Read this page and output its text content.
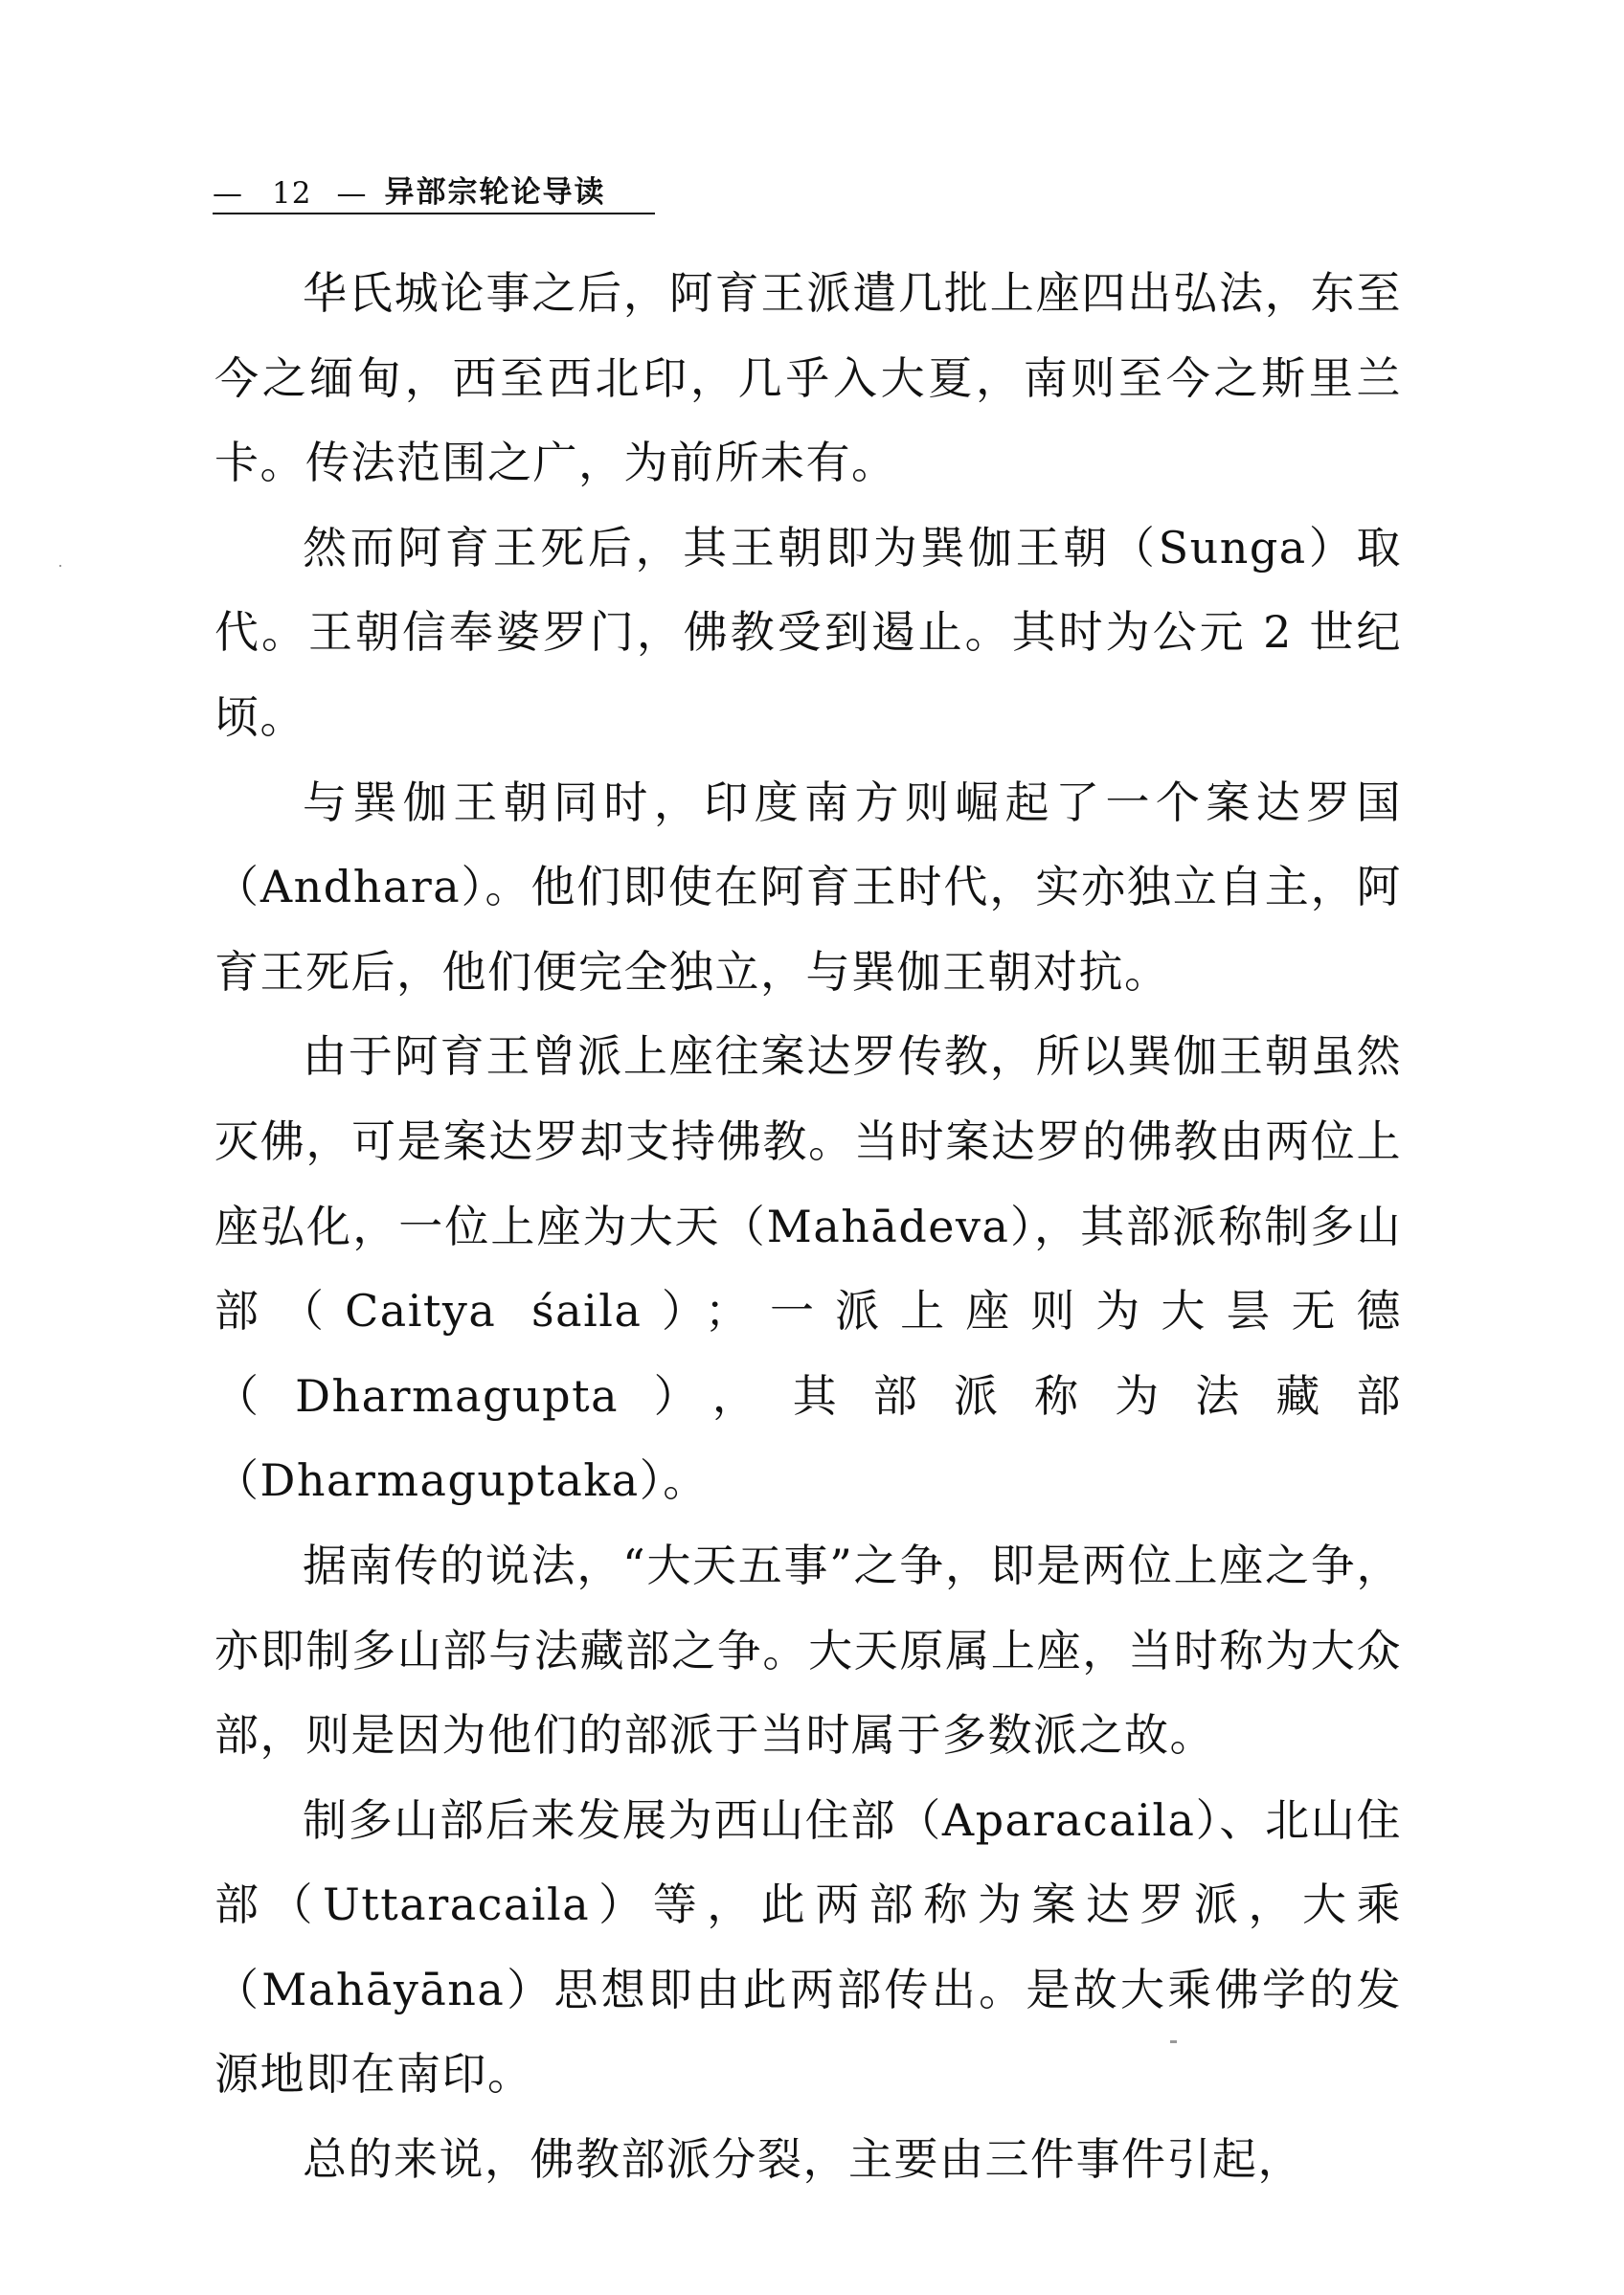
— 12 — 异部宗轮论导读

华氏城论事之后，阿育王派遣几批上座四出弘法，东至今之缅甸，西至西北印，几乎入大夏，南则至今之斯里兰卡。传法范围之广，为前所未有。

然而阿育王死后，其王朝即为巽伽王朝（Sunga）取代。王朝信奉婆罗门，佛教受到遏止。其时为公元 2 世纪顷。

与巽伽王朝同时，印度南方则崛起了一个案达罗国（Andhara）。他们即使在阿育王时代，实亦独立自主，阿育王死后，他们便完全独立，与巽伽王朝对抗。

由于阿育王曾派上座往案达罗传教，所以巽伽王朝虽然灭佛，可是案达罗却支持佛教。当时案达罗的佛教由两位上座弘化，一位上座为大天（Mahādeva），其部派称制多山部（Caitya śaila）；一派上座则为大昙无德（Dharmagupta），其部派称为法藏部（Dharmaguptaka）。

据南传的说法，“大天五事”之争，即是两位上座之争，亦即制多山部与法藏部之争。大天原属上座，当时称为大众部，则是因为他们的部派于当时属于多数派之故。

制多山部后来发展为西山住部（Aparacaila）、北山住部（Uttaracaila）等，此两部称为案达罗派，大乘（Mahāyāna）思想即由此两部传出。是故大乘佛学的发源地即在南印。

总的来说，佛教部派分裂，主要由三件事件引起，
